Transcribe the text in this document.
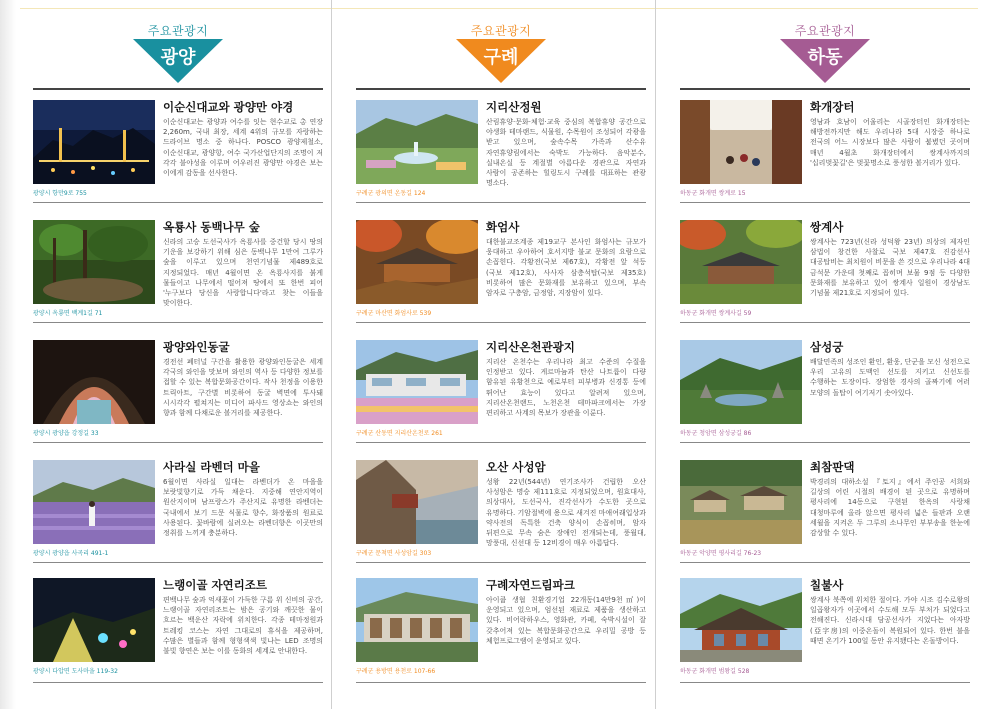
주요관광지
광양
광양시 항만9로 755
이순신대교와 광양만 야경
이순신대교는 광양과 여수를 잇는 현수교로 총 연장 2,260m, 국내 최장, 세계 4위의 규모를 자랑하는 드라이브 명소 중 하나다. POSCO 광양제철소, 이순신대교, 광양항, 여수 국가산업단지의 조명이 저 각각 불야성을 이루며 어우러진 광양만 야경은 보는 이에게 감동을 선사한다.
광양시 옥룡면 백계1길 71
옥룡사 동백나무 숲
신라의 고승 도선국사가 옥룡사를 중건할 당시 땅의 기운을 보강하기 위해 심은 동백나무 1만여 그루가 숲을 이루고 있으며 천연기념물 제489호로 지정되었다. 매년 4월이면 온 옥룡사지를 붉게 물들이고 나무에서 떨어져 땅에서 또 한번 피어 '누구보다 당신을 사랑합니다'라고 찾는 이들을 맞이한다.
광양시 광양읍 강정길 33
광양와인동굴
경전선 폐터널 구간을 활용한 광양와인동굴은 세계 각국의 와인을 맛보며 와인의 역사 등 다양한 정보를 접할 수 있는 복합문화공간이다. 작사 천정을 이용한 트릭아트, 구간별 비롯하여 동굴 벽면에 투사돼 시시각각 펼쳐지는 미디어 파사드 영상쇼는 와인의 향과 함께 다채로운 볼거리를 제공한다.
광양시 광양읍 사곡리 491-1
사라실 라벤더 마을
6월이면 사라실 일대는 라벤더가 온 마을을 보랏빛향기로 가득 채운다. 지중해 연안지역이 원산지이며 남프랑스가 주산지로 유명한 라벤더는 국내에서 보기 드문 식물로 향수, 화장품의 원료로 사용된다. 꽃바람에 실려오는 라벤더향은 이곳만의 정취를 느끼게 충분하다.
광양시 다압면 도사마을 119-32
느랭이골 자연리조트
편백나무 숲과 억새꽃이 가득한 구름 위 신비의 공간, 느랭이골 자연리조트는 밤은 공기와 깨끗한 물이 흐르는 백운산 자락에 위치한다. 각종 테마정원과 트레킹 코스는 자연 그대로의 휴식을 제공하며, 수많은 별들과 함께 형형색색 빛나는 LED 조명의 불빛 향연은 보는 이를 동화의 세계로 안내한다.
주요관광지
구례
구례군 광의면 온동길 124
지리산정원
산림휴양·문화·체험·교육 중심의 복합휴양 공간으로 야생화 테마랜드, 식물원, 수목원이 조성되어 각광을 받고 있으며, 숲속수목 가족과 산수유 자연휴양림에서는 숙박도 가능하다. 음악분수, 실내온실 등 계절별 아름다운 경관으로 자연과 사람이 공존하는 힐링도시 구례를 대표하는 관광 명소다.
구례군 마산면 화엄사로 539
화엄사
대한불교조계종 제19교구 본사인 화엄사는 규모가 웅대하고 우아하여 호서지방 불교 문화의 요람으로 손꼽힌다. 각황전(국보 제67호), 각황전 앞 석등(국보 제12호), 사사자 삼층석탑(국보 제35호) 비롯하여 많은 문화재를 보유하고 있으며, 부속 암자로 구층암, 금정암, 지장암이 있다.
구례군 산동면 지리산온천로 261
지리산온천관광지
지리산 온천수는 우리나라 최고 수준의 수질을 인정받고 있다. 게르마늄과 탄산 나트륨이 다량 함유된 유황천으로 예로부터 피부병과 신경통 등에 뛰어난 효능이 있다고 알려져 있으며, 지리산온천랜드, 노천온천 테마파크에서는 가장 편리하고 사계의 목보가 장관을 이룬다.
구례군 문척면 사성암길 303
오산 사성암
성왕 22년(544년) 연기조사가 건립한 오산 사성암은 명승 제111호로 지정되었으며, 원효대사, 의상대사, 도선국사, 진각선사가 수도한 곳으로 유명하다. 기암절벽에 용으로 새겨진 마애여래입상과 약사전의 독특한 건축 양식이 손꼽히며, 암자 뒤편으로 무속 숨은 장애인 전개되는데, 풍월대, 망풍대, 신선대 등 12비경이 매우 아름답다.
구례군 용방면 용천로 107-66
구례자연드림파크
아이쿱 생협 친환경기업 22개동(14만9천㎡)이 운영되고 있으며, 엄선된 재료로 제품을 생산하고 있다. 비어락하우스, 영화관, 카페, 숙박시설이 잘 갖추어져 있는 복합문화공간으로 우리밀 공방 등 체험프로그램이 운영되고 있다.
주요관광지
하동
하동군 화개면 쌍계로 15
화개장터
영남과 호남이 어울리는 시골장터인 화개장터는 해방전까지만 해도 우리나라 5대 시장중 하나로 전국의 어느 시장보다 많은 사람이 붐볐던 곳이며 매년 4월초 화개장터에서 쌍계사까지의 '십리벚꽃길'은 벚꽃명소로 풍성한 볼거리가 있다.
하동군 화개면 쌍계사길 59
쌍계사
쌍계사는 723년(신라 성덕왕 23년) 의상의 제자인 삼법이 창건한 사찰로 국보 제47호 진감선사 대공탑비는 최치원이 비문을 쓴 것으로 우리나라 4대 금석문 가운데 첫째로 꼽히며 보물 9점 등 다양한 문화재를 보유하고 있어 쌍계사 일원이 경상남도 기념물 제21호로 지정되어 있다.
하동군 청암면 삼성궁길 86
삼성궁
배달민족의 성조인 환인, 환웅, 단군을 모신 성전으로 우리 고유의 도맥인 선도를 지키고 신선도를 수행하는 도장이다. 장엄한 경사의 골짜기에 여러 모양의 돌탑이 여기저기 솟아있다.
하동군 악양면 평사리길 76-23
최참판댁
박경리의 대하소설 『토지』에서 주인공 서희와 길상의 어린 시절의 배경이 된 곳으로 유명하며 평사리에 14동으로 구현된 한옥의 사랑채 대청마루에 올라 앉으면 평사리 넓은 들판과 오랜 세월을 지켜온 두 그루의 소나무인 부부송을 한눈에 감상할 수 있다.
하동군 화개면 범왕길 528
칠불사
쌍계사 북쪽에 위치한 절이다. 가야 시조 김수로왕의 일곱왕자가 이곳에서 수도해 모두 부처가 되었다고 전해진다. 신라시대 담공선사가 지었다는 아자방(亞字房)의 이중온돌이 복원되어 있다. 한번 불을 때면 온기가 100일 동안 유지됐다는 온돌방이다.
